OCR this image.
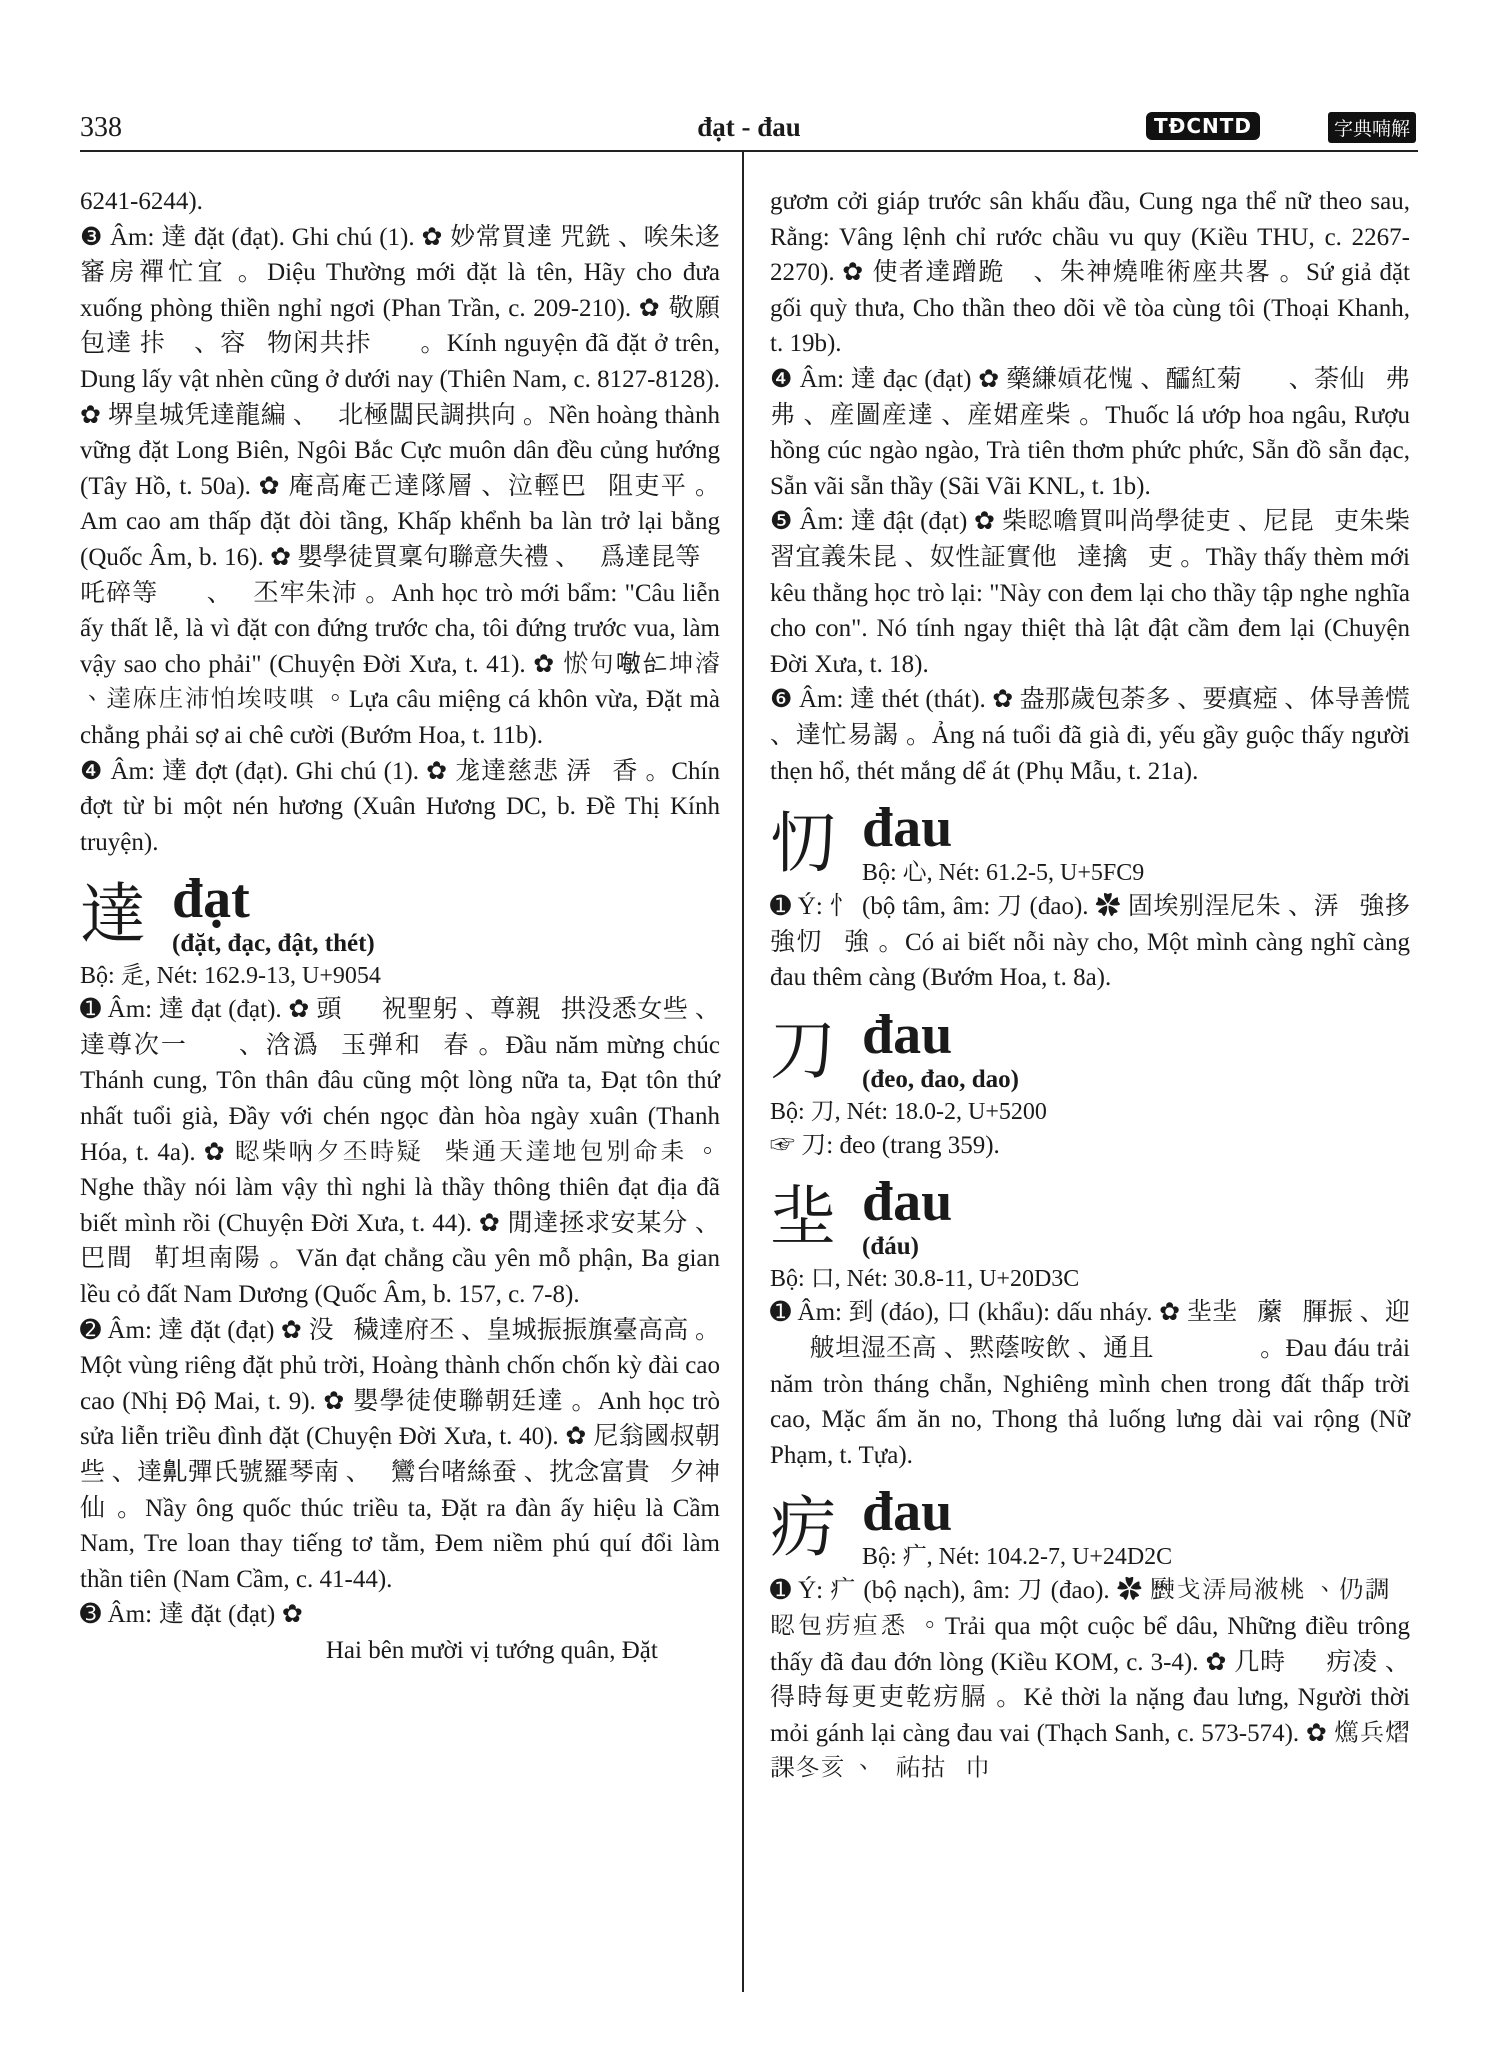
338	đạt - đau	TĐCNTD	字典喃解

6241-6244).

❸ Âm: 達 đặt (đạt). Ghi chú (1). ✿ 妙常買達 咒銑 、唉朱迻䆺房禪忙宜 。Diệu Thường mới đặt là tên, Hãy cho đưa xuống phòng thiền nghỉ ngơi (Phan Trần, c. 209-210). ✿ 敬願包達 拤𨖅 、容𢚸物闲共拤𦓡𠁑 。Kính nguyện đã đặt ở trên, Dung lấy vật nhèn cũng ở dưới nay (Thiên Nam, c. 8127-8128). ✿ 堺皇城凭達龍編 、𣦍北極闆民調拱向 。Nền hoàng thành vững đặt Long Biên, Ngôi Bắc Cực muôn dân đều củng hướng (Tây Hồ, t. 50a). ✿ 庵高庵𢀒達隊層 、泣輕巴𤀖阻吏平 。Am cao am thấp đặt đòi tầng, Khấp khểnh ba làn trở lại bằng (Quốc Âm, b. 16). ✿ 嬰學徒買稟句聯意失禮 、𠔦爲達昆等𠴓吒碎等𠴓𢄂 、𤂬丕牢朱沛 。Anh học trò mới bẩm: "Câu liễn ấy thất lễ, là vì đặt con đứng trước cha, tôi đứng trước vua, làm vậy sao cho phải" (Chuyện Đời Xưa, t. 41). ✿ 𢛨句𠽊𠄩坤𣿰 、達庥庄沛怕埃吱唭 。Lựa câu miệng cá khôn vừa, Đặt mà chẳng phải sợ ai chê cười (Bướm Hoa, t. 11b).

❹ Âm: 達 đợt (đạt). Ghi chú (1). ✿ 尨達慈悲 㳥𤈜香 。Chín đợt từ bi một nén hương (Xuân Hương DC, b. Đề Thị Kính truyện).

達 đạt
(đặt, đạc, đật, thét)
Bộ: 辵, Nét: 162.9-13, U+9054

➊ Âm: 達 đạt (đạt). ✿ 頭𢆥𢜏祝聖躬 、尊親𠁑拱没悉女些 、達尊次一𪥘𦓡 、浛潙𢅨玉弹和𢈱春 。Đầu năm mừng chúc Thánh cung, Tôn thân đâu cũng một lòng nữa ta, Đạt tôn thứ nhất tuổi già, Đầy với chén ngọc đàn hòa ngày xuân (Thanh Hóa, t. 4a). ✿ 𥆾柴吶夕丕時疑𠔦柴通天達地包別命耒 。Nghe thầy nói làm vậy thì nghi là thầy thông thiên đạt địa đã biết mình rồi (Chuyện Đời Xưa, t. 44). ✿ 閒達拯求安某分 、巴間𠅎靪坦南陽 。Văn đạt chẳng cầu yên mỗ phận, Ba gian lều cỏ đất Nam Dương (Quốc Âm, b. 157, c. 7-8).

➋ Âm: 達 đặt (đạt) ✿ 没𡏦穢達府丕 、皇城振振旗臺高高 。Một vùng riêng đặt phủ trời, Hoàng thành chốn chốn kỳ đài cao cao (Nhị Độ Mai, t. 9). ✿ 嬰學徒使聯朝廷達 。Anh học trò sửa liễn triều đình đặt (Chuyện Đời Xưa, t. 40). ✿ 尼翁國叔朝些 、達𪖐彈氏號羅琴南 、𥷊鸞台啫絲蚕 、抌念富貴𦞍夕神仙 。Nầy ông quốc thúc triều ta, Đặt ra đàn ấy hiệu là Cầm Nam, Tre loan thay tiếng tơ tằm, Đem niềm phú quí đổi làm thần tiên (Nam Cầm, c. 41-44).

➌ Âm: 達 đặt (đạt) ✿ 𨕭邊进位將軍 、達劍襘甲𠴓𡑝叩頭 、宫娥彩女𨅸婁 、浪邦令𠰘逴朝于歸 。Hai bên mười vị tướng quân, Đặt

gươm cởi giáp trước sân khấu đầu, Cung nga thể nữ theo sau, Rằng: Vâng lệnh chỉ rước chầu vu quy (Kiều THU, c. 2267-2270). ✿ 使者達蹭跪𨁪 、朱神燒唯術座共畧 。Sứ giả đặt gối quỳ thưa, Cho thần theo dõi về tòa cùng tôi (Thoại Khanh, t. 19b).

❹ Âm: 達 đạc (đạt) ✿ 藥縑𡟫花𢢯 、醽紅菊𤈜𤈜 、荼仙𣵰弗弗 、産圖産達 、産𡝗産柴 。Thuốc lá ướp hoa ngâu, Rượu hồng cúc ngào ngào, Trà tiên thơm phức phức, Sẵn đồ sẵn đạc, Sẵn vãi sẵn thầy (Sãi Vãi KNL, t. 1b).

❺ Âm: 達 đật (đạt) ✿ 柴𥆾噡買叫尚學徒吏 、尼昆𫥨吏朱柴習宜義朱昆 、奴性証實他𦆹達擒𫥨吏 。Thầy thấy thèm mới kêu thằng học trò lại: "Này con đem lại cho thầy tập nghe nghĩa cho con". Nó tính ngay thiệt thà lật đật cầm đem lại (Chuyện Đời Xưa, t. 18).

❻ Âm: 達 thét (thát). ✿ 盎那歲包荼多 、要瘨瘂 、体导善慌 、達忙易謁 。Ảng ná tuổi đã già đi, yếu gầy guộc thấy người thẹn hổ, thét mắng dể át (Phụ Mẫu, t. 21a).

忉 đau
Bộ: 心, Nét: 61.2-5, U+5FC9

➊ Ý: 忄 (bộ tâm, âm: 刀 (đao). ✿ 固埃别浧尼朱 、㳥𢀨強拸強忉𣻆強 。Có ai biết nỗi này cho, Một mình càng nghĩ càng đau thêm càng (Bướm Hoa, t. 8a).

刀 đau
(đeo, đao, dao)
Bộ: 刀, Nét: 18.0-2, U+5200

☞ 刀: đeo (trang 359).

㘳 đau
(đáu)
Bộ: 口, Nét: 30.8-11, U+20D3C

➊ Âm: 到 (đáo), 口 (khẩu): dấu nháy. ✿ 㘳㘳𥯎䕷𨂔腪振 、迎𨉓𢫖𦨭坦湿丕高 、黙蔭咹飲 、通且𪆧𤾓𨃻𦡟𦟊 。Đau đáu trải năm tròn tháng chẵn, Nghiêng mình chen trong đất thấp trời cao, Mặc ấm ăn no, Thong thả luống lưng dài vai rộng (Nữ Phạm, t. Tựa).

疠 đau
Bộ: 疒, Nét: 104.2-7, U+24D2C

➊ Ý: 疒 (bộ nạch), âm: 刀 (đao). ✿ 𣦰戈㳥局𣷭桃 、仍調𤄯𥆾包疠疸悉 。Trải qua một cuộc bể dâu, Những điều trông thấy đã đau đớn lòng (Kiều KOM, c. 3-4). ✿ 几時𠔦𥗐疠凌 、得時每更吏乾疠膈 。Kẻ thời la nặng đau lưng, Người thời mỏi gánh lại càng đau vai (Thạch Sanh, c. 573-574). ✿ 𤒘兵熠課冬亥 、𥚄祐𢫈𧏵巾
